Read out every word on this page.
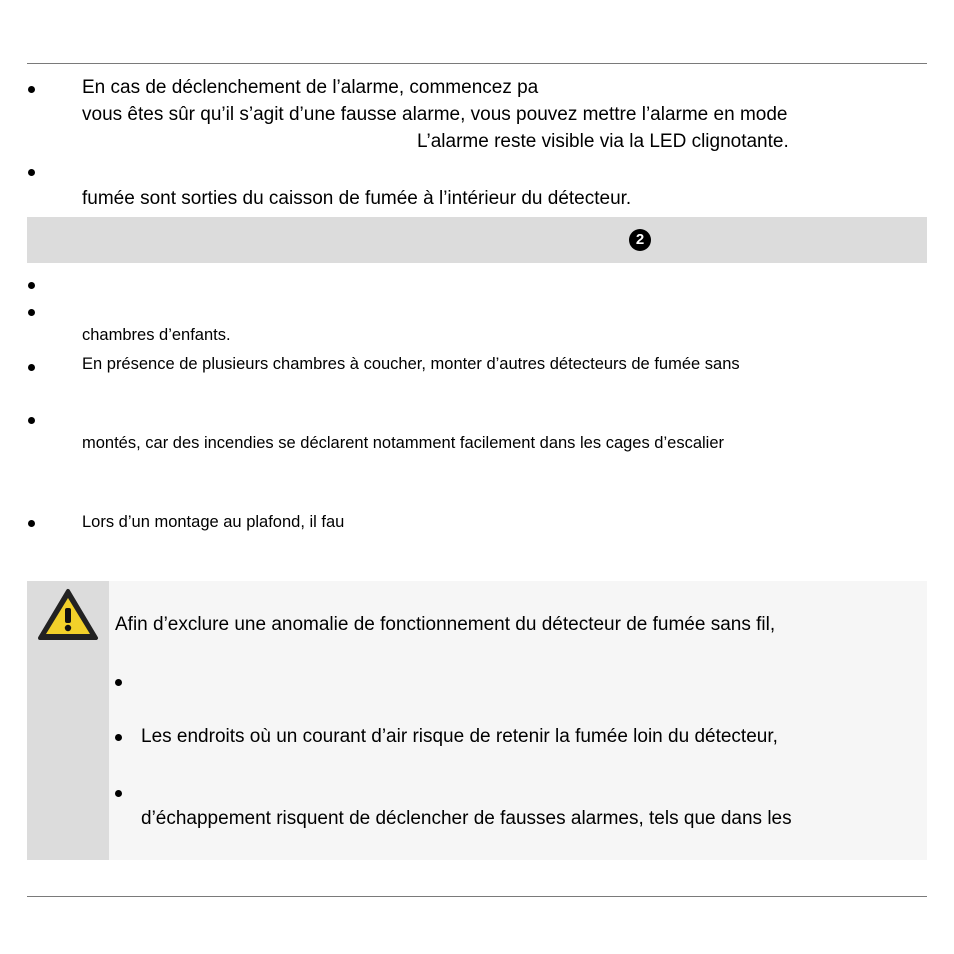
En cas de déclenchement de l’alarme, commencez pa
vous êtes sûr qu’il s’agit d’une fausse alarme, vous pouvez mettre l’alarme en mode
L’alarme reste visible via la LED clignotante.
fumée sont sorties du caisson de fumée à l’intérieur du détecteur.
2
chambres d’enfants.
En présence de plusieurs chambres à coucher, monter d’autres détecteurs de fumée sans
montés, car des incendies se déclarent notamment facilement dans les cages d’escalier
Lors d’un montage au plafond, il fau
Afin d’exclure une anomalie de fonctionnement du détecteur de fumée sans fil,
Les endroits où un courant d’air risque de retenir la fumée loin du détecteur,
d’échappement risquent de déclencher de fausses alarmes, tels que dans les
